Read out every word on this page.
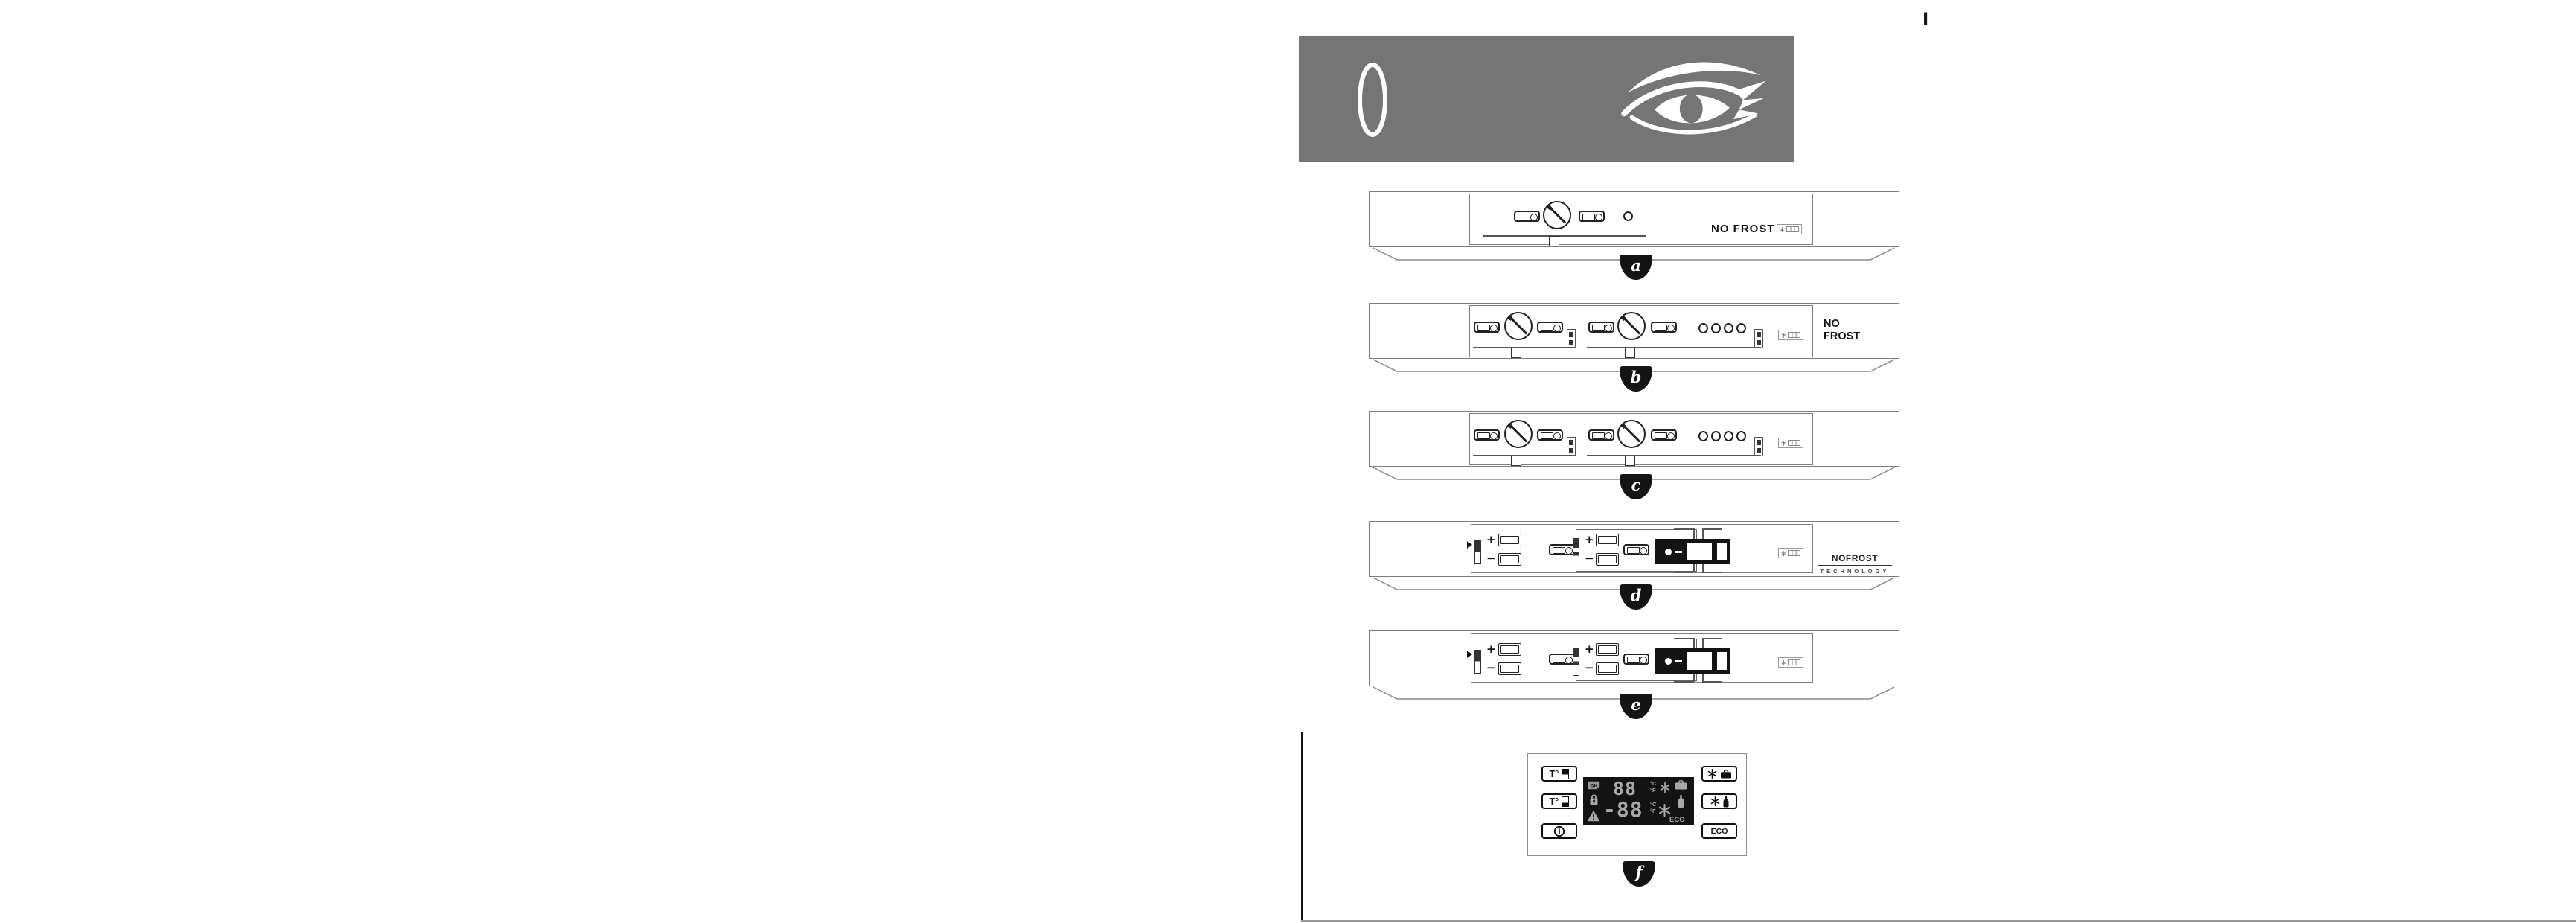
I
NO FROST
a
NO
FROST
b
c
+
−
+
−	NoFrost
TECHNOLOGY
d
+
−
+
−
e
T°
T°
OK 88 °C
°F
-88 °C
°F
ECO
ECO
f
